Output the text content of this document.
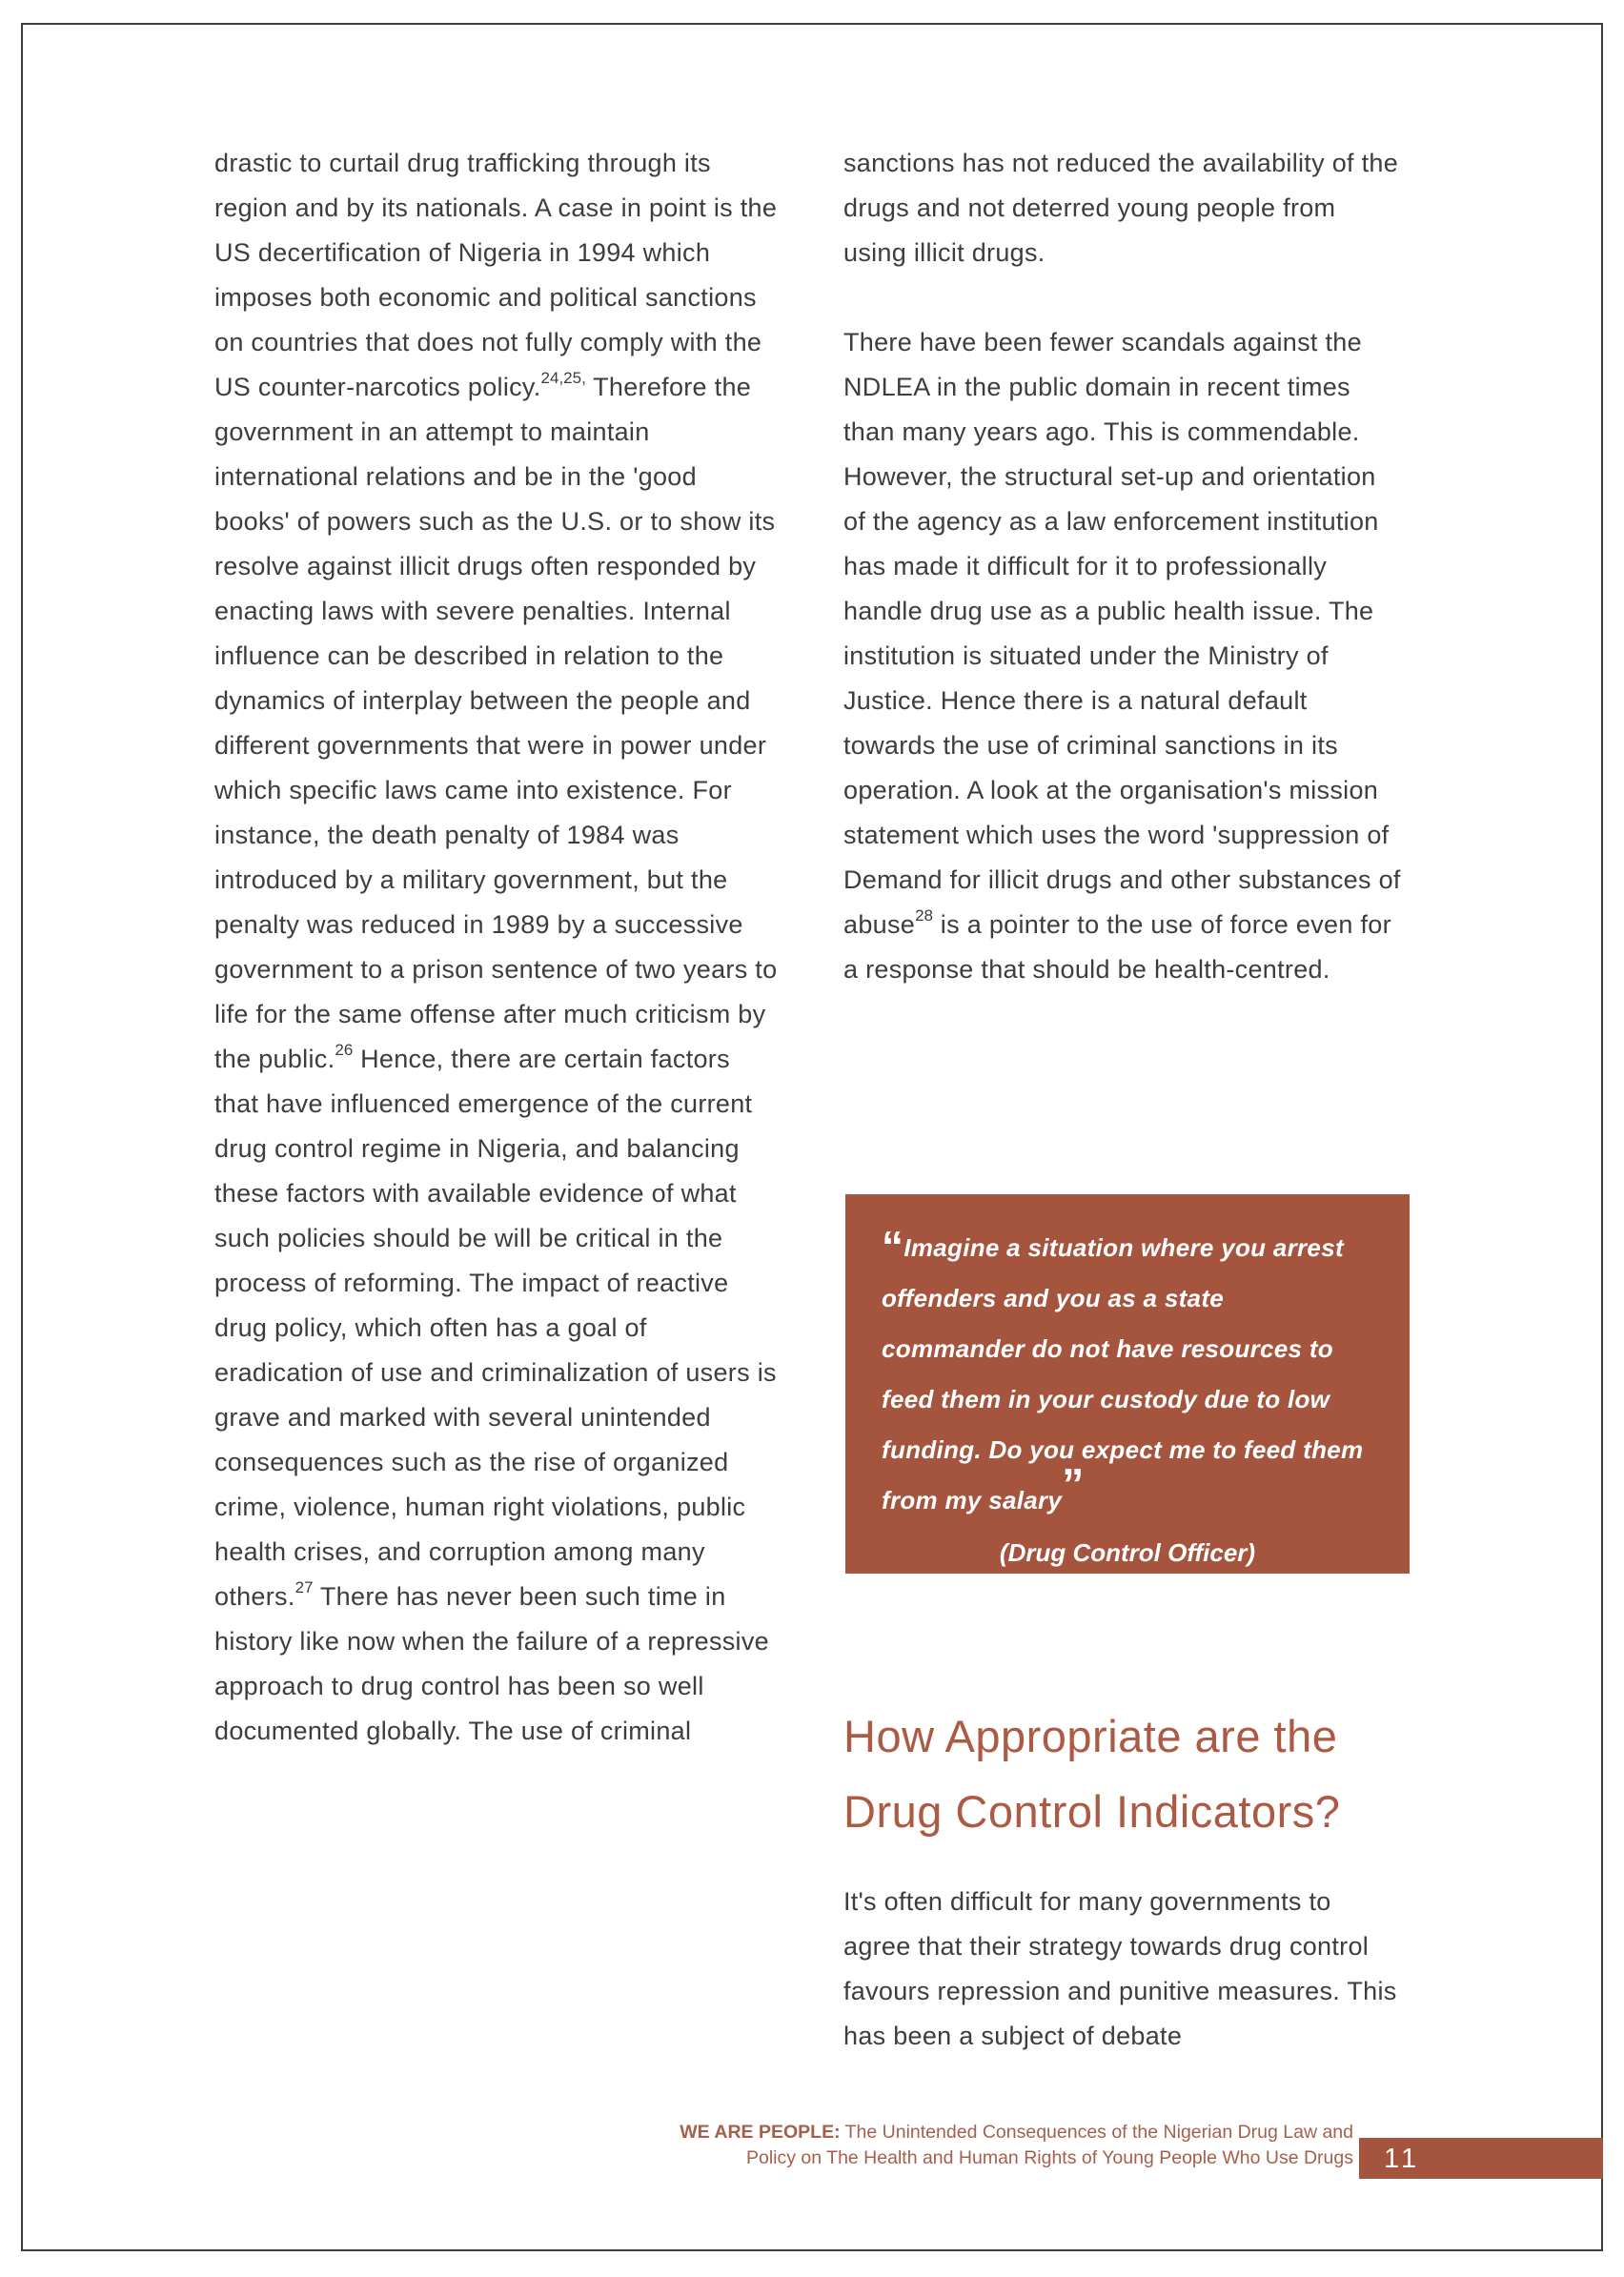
drastic to curtail drug trafficking through its region and by its nationals. A case in point is the US decertification of Nigeria in 1994 which imposes both economic and political sanctions on countries that does not fully comply with the US counter-narcotics policy.$^{24,25,}$ Therefore the government in an attempt to maintain international relations and be in the 'good books' of powers such as the U.S. or to show its resolve against illicit drugs often responded by enacting laws with severe penalties. Internal influence can be described in relation to the dynamics of interplay between the people and different governments that were in power under which specific laws came into existence. For instance, the death penalty of 1984 was introduced by a military government, but the penalty was reduced in 1989 by a successive government to a prison sentence of two years to life for the same offense after much criticism by the public.$^{26}$ Hence, there are certain factors that have influenced emergence of the current drug control regime in Nigeria, and balancing these factors with available evidence of what such policies should be will be critical in the process of reforming. The impact of reactive drug policy, which often has a goal of eradication of use and criminalization of users is grave and marked with several unintended consequences such as the rise of organized crime, violence, human right violations, public health crises, and corruption among many others.$^{27}$ There has never been such time in history like now when the failure of a repressive approach to drug control has been so well documented globally. The use of criminal

sanctions has not reduced the availability of the drugs and not deterred young people from using illicit drugs.

There have been fewer scandals against the NDLEA in the public domain in recent times than many years ago. This is commendable. However, the structural set-up and orientation of the agency as a law enforcement institution has made it difficult for it to professionally handle drug use as a public health issue. The institution is situated under the Ministry of Justice. Hence there is a natural default towards the use of criminal sanctions in its operation. A look at the organisation's mission statement which uses the word 'suppression of Demand for illicit drugs and other substances of abuse$^{28}$ is a pointer to the use of force even for a response that should be health-centred.

“Imagine a situation where you arrest offenders and you as a state commander do not have resources to feed them in your custody due to low funding. Do you expect me to feed them from my salary”

(Drug Control Officer)
How Appropriate are the Drug Control Indicators?
It's often difficult for many governments to agree that their strategy towards drug control favours repression and punitive measures. This has been a subject of debate
WE ARE PEOPLE: The Unintended Consequences of the Nigerian Drug Law and Policy on The Health and Human Rights of Young People Who Use Drugs	11
